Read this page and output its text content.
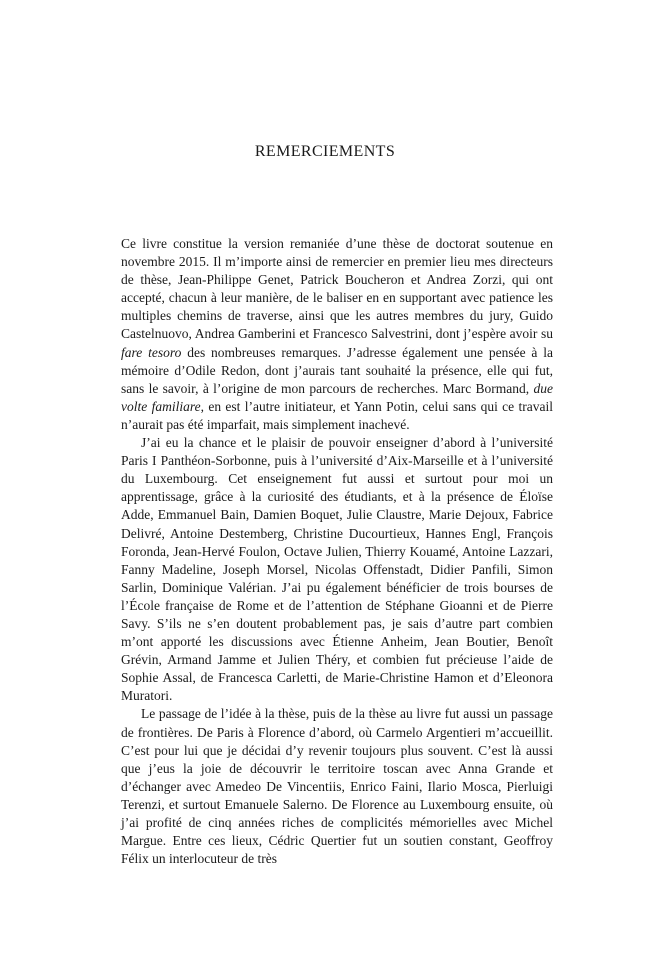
REMERCIEMENTS

Ce livre constitue la version remaniée d’une thèse de doctorat soutenue en novembre 2015. Il m’importe ainsi de remercier en premier lieu mes directeurs de thèse, Jean-Philippe Genet, Patrick Boucheron et Andrea Zorzi, qui ont accepté, chacun à leur manière, de le baliser en en supportant avec patience les multiples chemins de traverse, ainsi que les autres membres du jury, Guido Castelnuovo, Andrea Gamberini et Francesco Salvestrini, dont j’espère avoir su fare tesoro des nombreuses remarques. J’adresse également une pensée à la mémoire d’Odile Redon, dont j’aurais tant souhaité la présence, elle qui fut, sans le savoir, à l’origine de mon parcours de recherches. Marc Bormand, due volte familiare, en est l’autre initiateur, et Yann Potin, celui sans qui ce travail n’aurait pas été imparfait, mais simplement inachevé.

J’ai eu la chance et le plaisir de pouvoir enseigner d’abord à l’université Paris I Panthéon-Sorbonne, puis à l’université d’Aix-Marseille et à l’université du Luxembourg. Cet enseignement fut aussi et surtout pour moi un apprentissage, grâce à la curiosité des étudiants, et à la présence de Éloïse Adde, Emmanuel Bain, Damien Boquet, Julie Claustre, Marie Dejoux, Fabrice Delivré, Antoine Destemberg, Christine Ducourtieux, Hannes Engl, François Foronda, Jean-Hervé Foulon, Octave Julien, Thierry Kouamé, Antoine Lazzari, Fanny Madeline, Joseph Morsel, Nicolas Offenstadt, Didier Panfili, Simon Sarlin, Dominique Valérian. J’ai pu également bénéficier de trois bourses de l’École française de Rome et de l’attention de Stéphane Gioanni et de Pierre Savy. S’ils ne s’en doutent probablement pas, je sais d’autre part combien m’ont apporté les discussions avec Étienne Anheim, Jean Boutier, Benoît Grévin, Armand Jamme et Julien Théry, et combien fut précieuse l’aide de Sophie Assal, de Francesca Carletti, de Marie-Christine Hamon et d’Eleonora Muratori.

Le passage de l’idée à la thèse, puis de la thèse au livre fut aussi un passage de frontières. De Paris à Florence d’abord, où Carmelo Argentieri m’accueillit. C’est pour lui que je décidai d’y revenir toujours plus souvent. C’est là aussi que j’eus la joie de découvrir le territoire toscan avec Anna Grande et d’échanger avec Amedeo De Vincentiis, Enrico Faini, Ilario Mosca, Pierluigi Terenzi, et surtout Emanuele Salerno. De Florence au Luxembourg ensuite, où j’ai profité de cinq années riches de complicités mémorielles avec Michel Margue. Entre ces lieux, Cédric Quertier fut un soutien constant, Geoffroy Félix un interlocuteur de très
